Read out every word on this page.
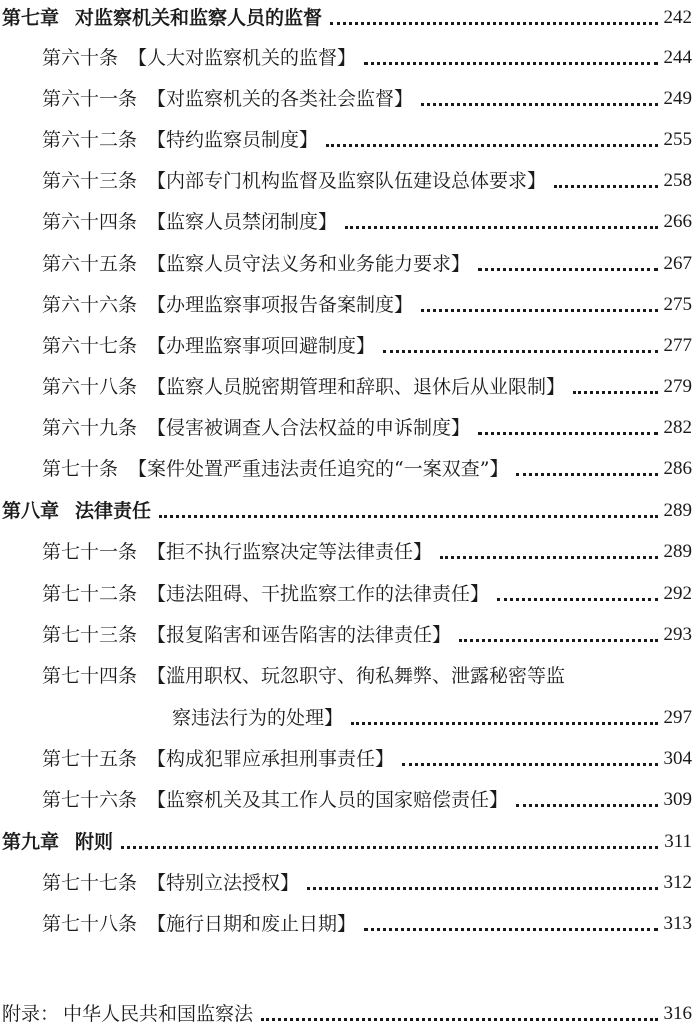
第七章 对监察机关和监察人员的监督	242
第六十条 【人大对监察机关的监督】	244
第六十一条 【对监察机关的各类社会监督】	249
第六十二条 【特约监察员制度】	255
第六十三条 【内部专门机构监督及监察队伍建设总体要求】	258
第六十四条 【监察人员禁闭制度】	266
第六十五条 【监察人员守法义务和业务能力要求】	267
第六十六条 【办理监察事项报告备案制度】	275
第六十七条 【办理监察事项回避制度】	277
第六十八条 【监察人员脱密期管理和辞职、退休后从业限制】	279
第六十九条 【侵害被调查人合法权益的申诉制度】	282
第七十条 【案件处置严重违法责任追究的“一案双查”】	286
第八章 法律责任	289
第七十一条 【拒不执行监察决定等法律责任】	289
第七十二条 【违法阻碍、干扰监察工作的法律责任】	292
第七十三条 【报复陷害和诬告陷害的法律责任】	293
第七十四条 【滥用职权、玩忽职守、徇私舞弊、泄露秘密等监
察违法行为的处理】	297
第七十五条 【构成犯罪应承担刑事责任】	304
第七十六条 【监察机关及其工作人员的国家赔偿责任】	309
第九章 附则	311
第七十七条 【特别立法授权】	312
第七十八条 【施行日期和废止日期】	313
附录： 中华人民共和国监察法	316
